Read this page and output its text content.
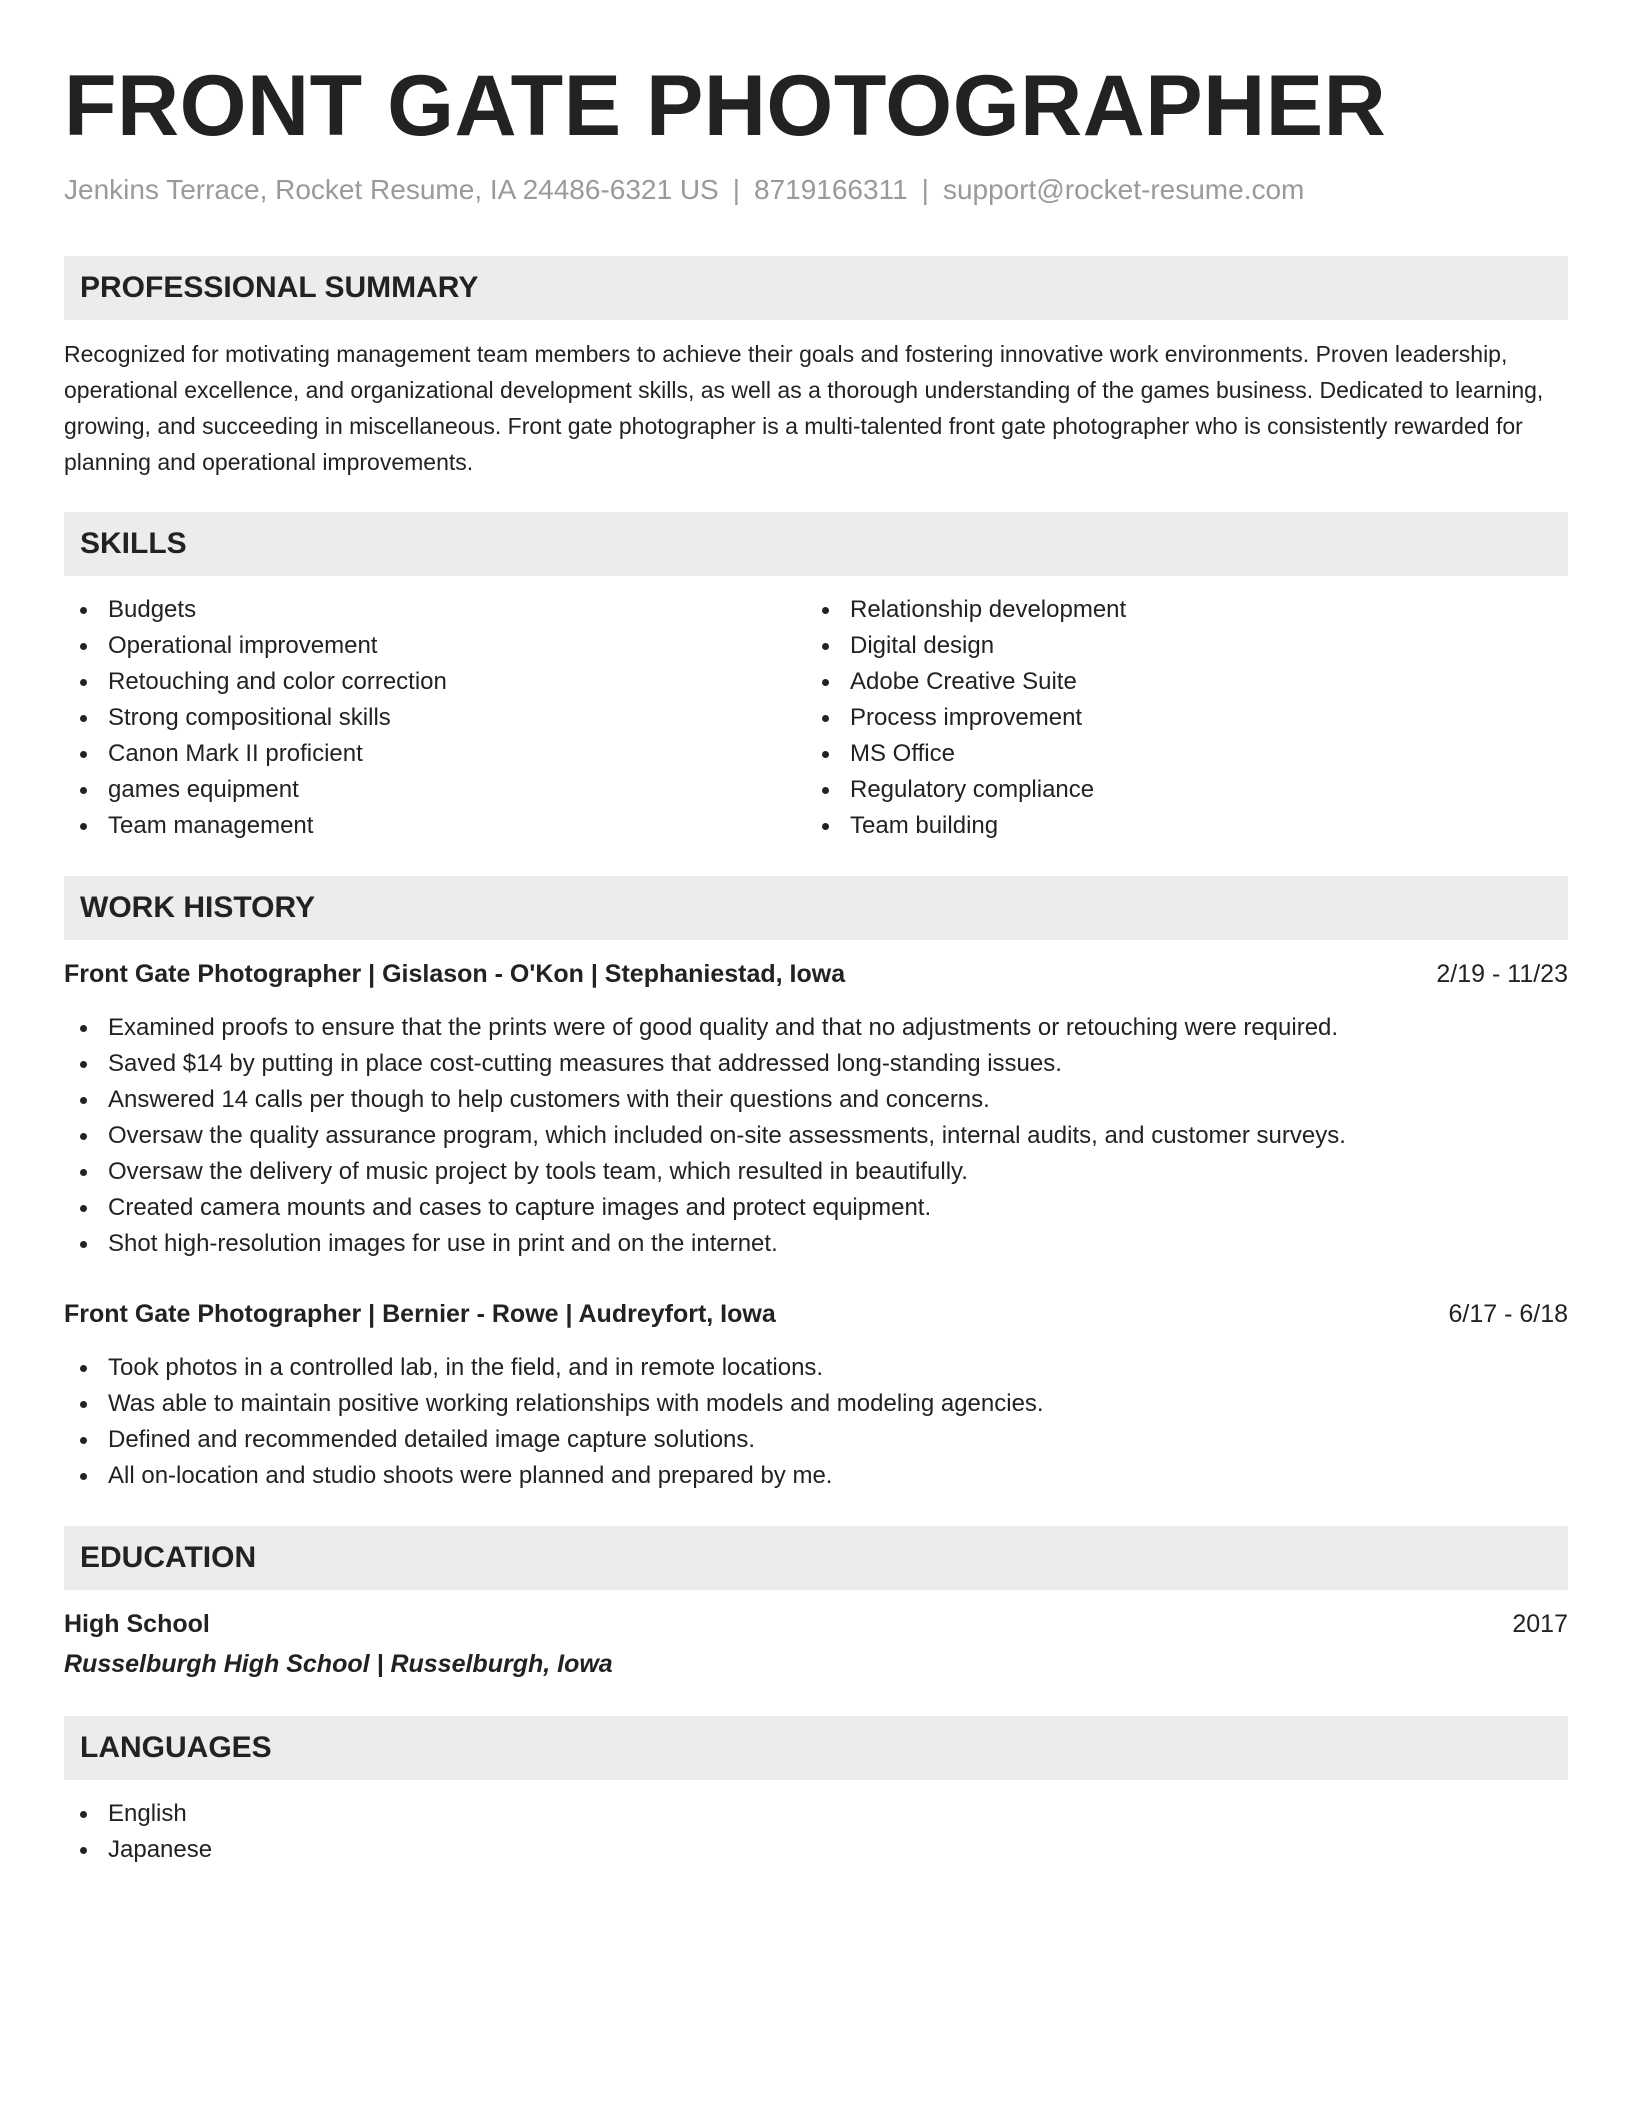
FRONT GATE PHOTOGRAPHER
Jenkins Terrace, Rocket Resume, IA 24486-6321 US | 8719166311 | support@rocket-resume.com
PROFESSIONAL SUMMARY
Recognized for motivating management team members to achieve their goals and fostering innovative work environments. Proven leadership, operational excellence, and organizational development skills, as well as a thorough understanding of the games business. Dedicated to learning, growing, and succeeding in miscellaneous. Front gate photographer is a multi-talented front gate photographer who is consistently rewarded for planning and operational improvements.
SKILLS
Budgets
Operational improvement
Retouching and color correction
Strong compositional skills
Canon Mark II proficient
games equipment
Team management
Relationship development
Digital design
Adobe Creative Suite
Process improvement
MS Office
Regulatory compliance
Team building
WORK HISTORY
Front Gate Photographer | Gislason - O'Kon | Stephaniestad, Iowa	2/19 - 11/23
Examined proofs to ensure that the prints were of good quality and that no adjustments or retouching were required.
Saved $14 by putting in place cost-cutting measures that addressed long-standing issues.
Answered 14 calls per though to help customers with their questions and concerns.
Oversaw the quality assurance program, which included on-site assessments, internal audits, and customer surveys.
Oversaw the delivery of music project by tools team, which resulted in beautifully.
Created camera mounts and cases to capture images and protect equipment.
Shot high-resolution images for use in print and on the internet.
Front Gate Photographer | Bernier - Rowe | Audreyfort, Iowa	6/17 - 6/18
Took photos in a controlled lab, in the field, and in remote locations.
Was able to maintain positive working relationships with models and modeling agencies.
Defined and recommended detailed image capture solutions.
All on-location and studio shoots were planned and prepared by me.
EDUCATION
High School	2017
Russelburgh High School | Russelburgh, Iowa
LANGUAGES
English
Japanese
